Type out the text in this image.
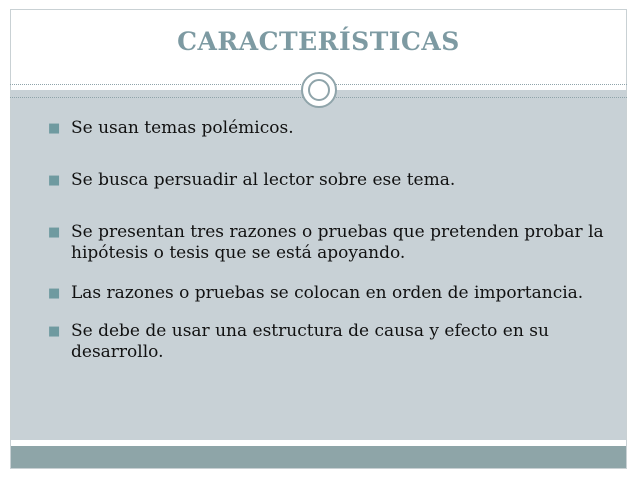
CARACTERÍSTICAS
■ Se usan temas polémicos.
■ Se busca persuadir al lector sobre ese tema.
■ Se presentan tres razones o pruebas que pretenden probar la hipótesis o tesis que se está apoyando.
■ Las razones o pruebas se colocan en orden de importancia.
■ Se debe de usar una estructura de causa y efecto en su desarrollo.
